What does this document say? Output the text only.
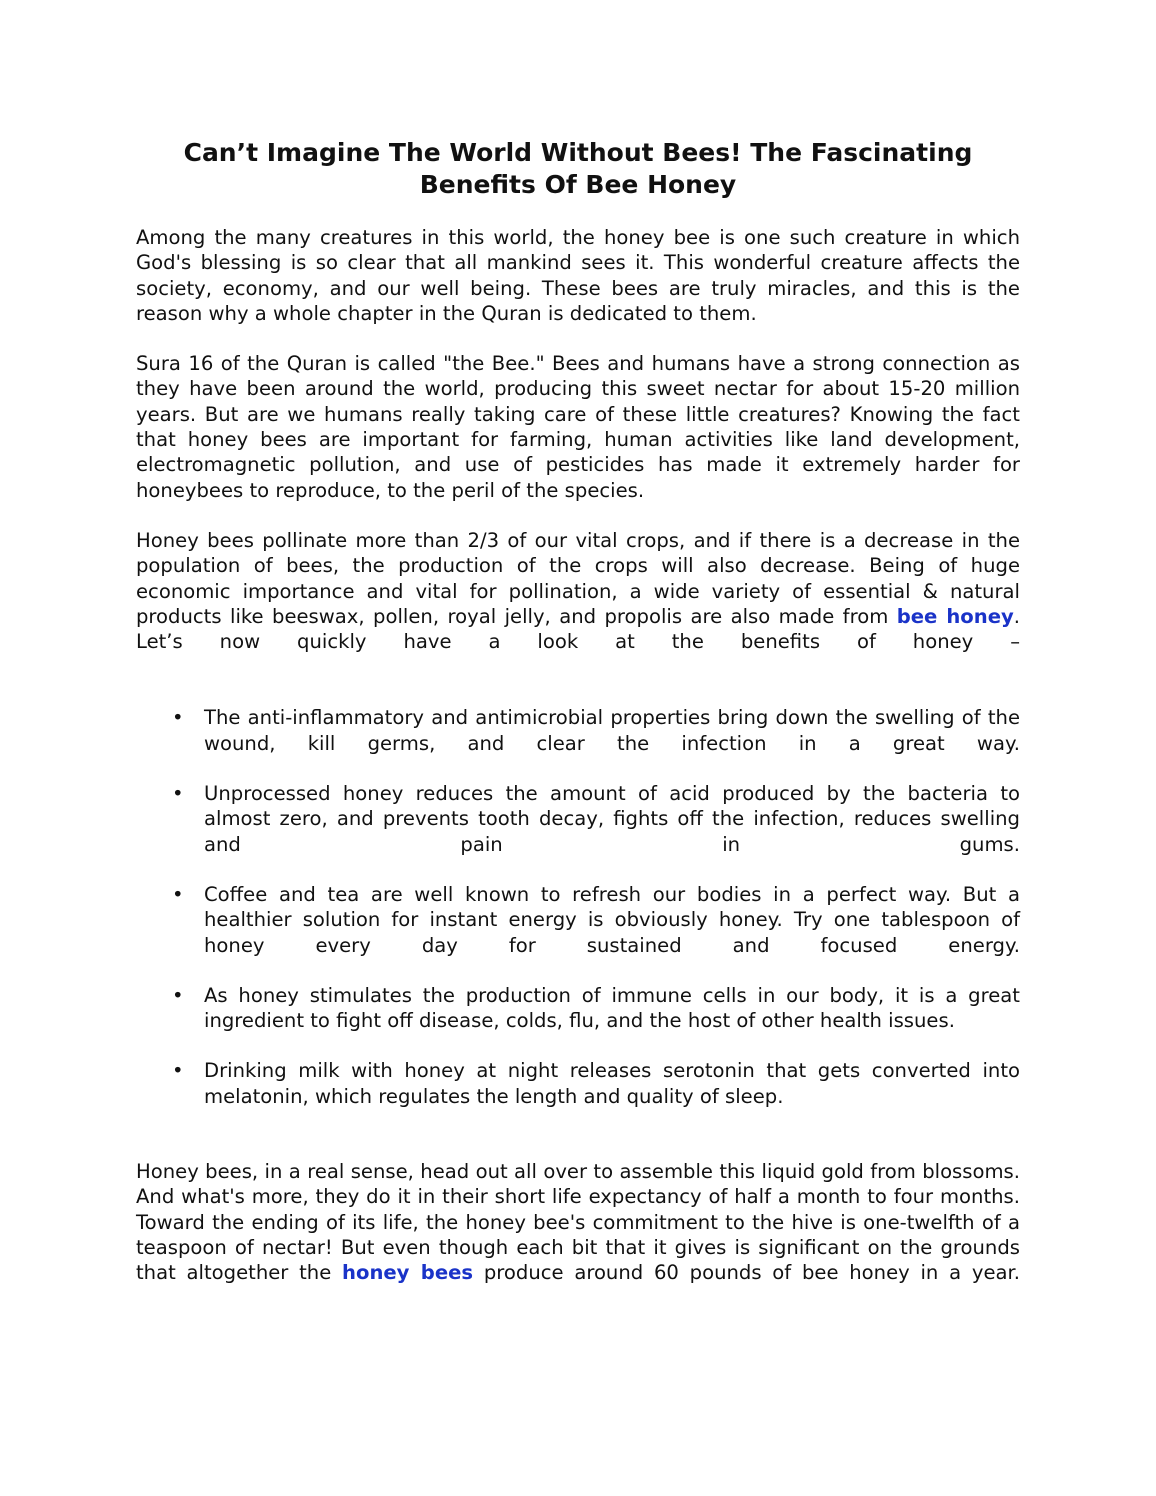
Can’t Imagine The World Without Bees! The Fascinating Benefits Of Bee Honey

Among the many creatures in this world, the honey bee is one such creature in which God's blessing is so clear that all mankind sees it. This wonderful creature affects the society, economy, and our well being. These bees are truly miracles, and this is the reason why a whole chapter in the Quran is dedicated to them.

Sura 16 of the Quran is called "the Bee." Bees and humans have a strong connection as they have been around the world, producing this sweet nectar for about 15-20 million years. But are we humans really taking care of these little creatures? Knowing the fact that honey bees are important for farming, human activities like land development, electromagnetic pollution, and use of pesticides has made it extremely harder for honeybees to reproduce, to the peril of the species.

Honey bees pollinate more than 2/3 of our vital crops, and if there is a decrease in the population of bees, the production of the crops will also decrease. Being of huge economic importance and vital for pollination, a wide variety of essential & natural products like beeswax, pollen, royal jelly, and propolis are also made from bee honey. Let’s now quickly have a look at the benefits of honey –

• The anti-inflammatory and antimicrobial properties bring down the swelling of the wound, kill germs, and clear the infection in a great way.
• Unprocessed honey reduces the amount of acid produced by the bacteria to almost zero, and prevents tooth decay, fights off the infection, reduces swelling and pain in gums.
• Coffee and tea are well known to refresh our bodies in a perfect way. But a healthier solution for instant energy is obviously honey. Try one tablespoon of honey every day for sustained and focused energy.
• As honey stimulates the production of immune cells in our body, it is a great ingredient to fight off disease, colds, flu, and the host of other health issues.
• Drinking milk with honey at night releases serotonin that gets converted into melatonin, which regulates the length and quality of sleep.

Honey bees, in a real sense, head out all over to assemble this liquid gold from blossoms. And what's more, they do it in their short life expectancy of half a month to four months. Toward the ending of its life, the honey bee's commitment to the hive is one-twelfth of a teaspoon of nectar! But even though each bit that it gives is significant on the grounds that altogether the honey bees produce around 60 pounds of bee honey in a year.
